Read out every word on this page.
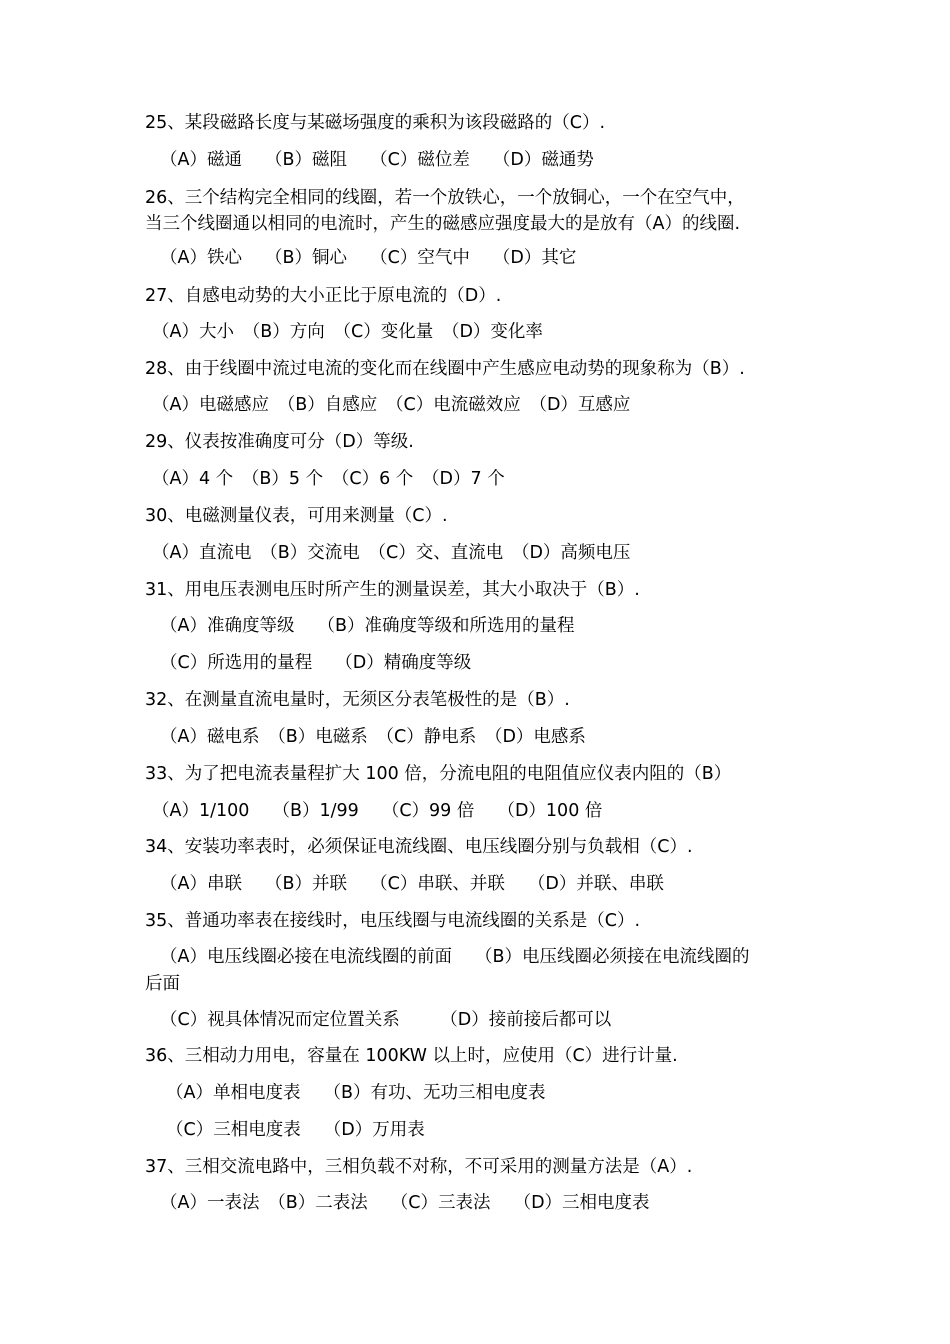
25、某段磁路长度与某磁场强度的乘积为该段磁路的（C）.
（A）磁通　 （B）磁阻　 （C）磁位差　 （D）磁通势
26、三个结构完全相同的线圈，若一个放铁心，一个放铜心，一个在空气中，
当三个线圈通以相同的电流时，产生的磁感应强度最大的是放有（A）的线圈.
（A）铁心　 （B）铜心　 （C）空气中　 （D）其它
27、自感电动势的大小正比于原电流的（D）.
（A）大小　（B）方向　（C）变化量　（D）变化率
28、由于线圈中流过电流的变化而在线圈中产生感应电动势的现象称为（B）.
（A）电磁感应　（B）自感应　（C）电流磁效应　（D）互感应
29、仪表按准确度可分（D）等级.
（A）4 个　（B）5 个　（C）6 个　（D）7 个
30、电磁测量仪表，可用来测量（C）.
（A）直流电　（B）交流电　（C）交、直流电　（D）高频电压
31、用电压表测电压时所产生的测量误差，其大小取决于（B）.
（A）准确度等级　 （B）准确度等级和所选用的量程
（C）所选用的量程　 （D）精确度等级
32、在测量直流电量时，无须区分表笔极性的是（B）.
（A）磁电系　（B）电磁系　（C）静电系　（D）电感系
33、为了把电流表量程扩大 100 倍，分流电阻的电阻值应仪表内阻的（B）
（A）1/100　 （B）1/99　 （C）99 倍　 （D）100 倍
34、安装功率表时，必须保证电流线圈、电压线圈分别与负载相（C）.
（A）串联　 （B）并联　 （C）串联、并联　 （D）并联、串联
35、普通功率表在接线时，电压线圈与电流线圈的关系是（C）.
（A）电压线圈必接在电流线圈的前面　 （B）电压线圈必须接在电流线圈的
后面
（C）视具体情况而定位置关系　　 （D）接前接后都可以
36、三相动力用电，容量在 100KW 以上时，应使用（C）进行计量.
（A）单相电度表　 （B）有功、无功三相电度表
（C）三相电度表　 （D）万用表
37、三相交流电路中，三相负载不对称，不可采用的测量方法是（A）.
（A）一表法　（B）二表法　 （C）三表法　 （D）三相电度表
